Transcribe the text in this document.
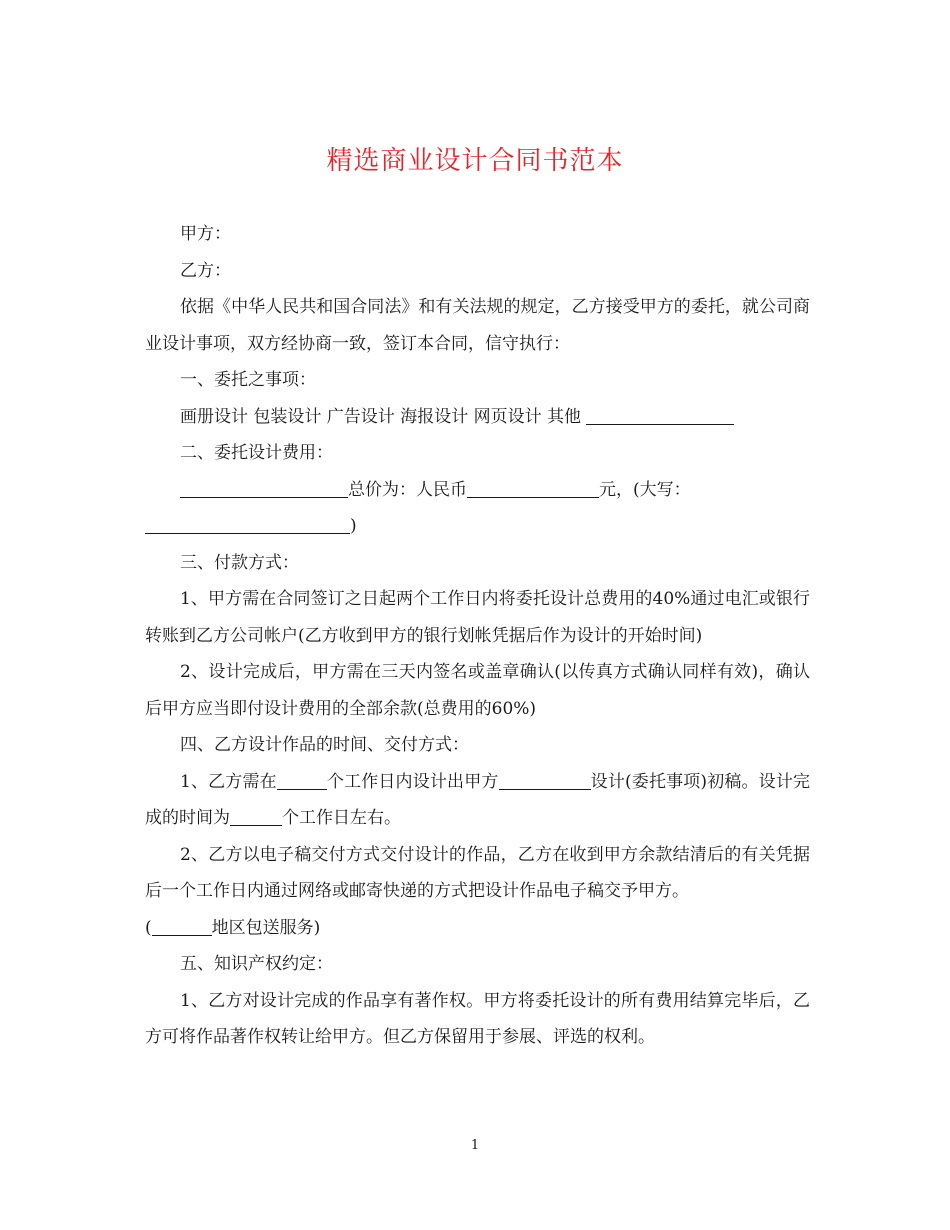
精选商业设计合同书范本

甲方：

乙方：

依据《中华人民共和国合同法》和有关法规的规定，乙方接受甲方的委托，就公司商业设计事项，双方经协商一致，签订本合同，信守执行：

一、委托之事项：

画册设计 包装设计 广告设计 海报设计 网页设计 其他

二、委托设计费用：

总价为：人民币	元，(大写：
)

三、付款方式：

1、甲方需在合同签订之日起两个工作日内将委托设计总费用的40%通过电汇或银行转账到乙方公司帐户(乙方收到甲方的银行划帐凭据后作为设计的开始时间)

2、设计完成后，甲方需在三天内签名或盖章确认(以传真方式确认同样有效)，确认后甲方应当即付设计费用的全部余款(总费用的60%)

四、乙方设计作品的时间、交付方式：

1、乙方需在	个工作日内设计出甲方	设计(委托事项)初稿。设计完成的时间为	个工作日左右。

2、乙方以电子稿交付方式交付设计的作品，乙方在收到甲方余款结清后的有关凭据后一个工作日内通过网络或邮寄快递的方式把设计作品电子稿交予甲方。
(	地区包送服务)

五、知识产权约定：

1、乙方对设计完成的作品享有著作权。甲方将委托设计的所有费用结算完毕后，乙方可将作品著作权转让给甲方。但乙方保留用于参展、评选的权利。

1
